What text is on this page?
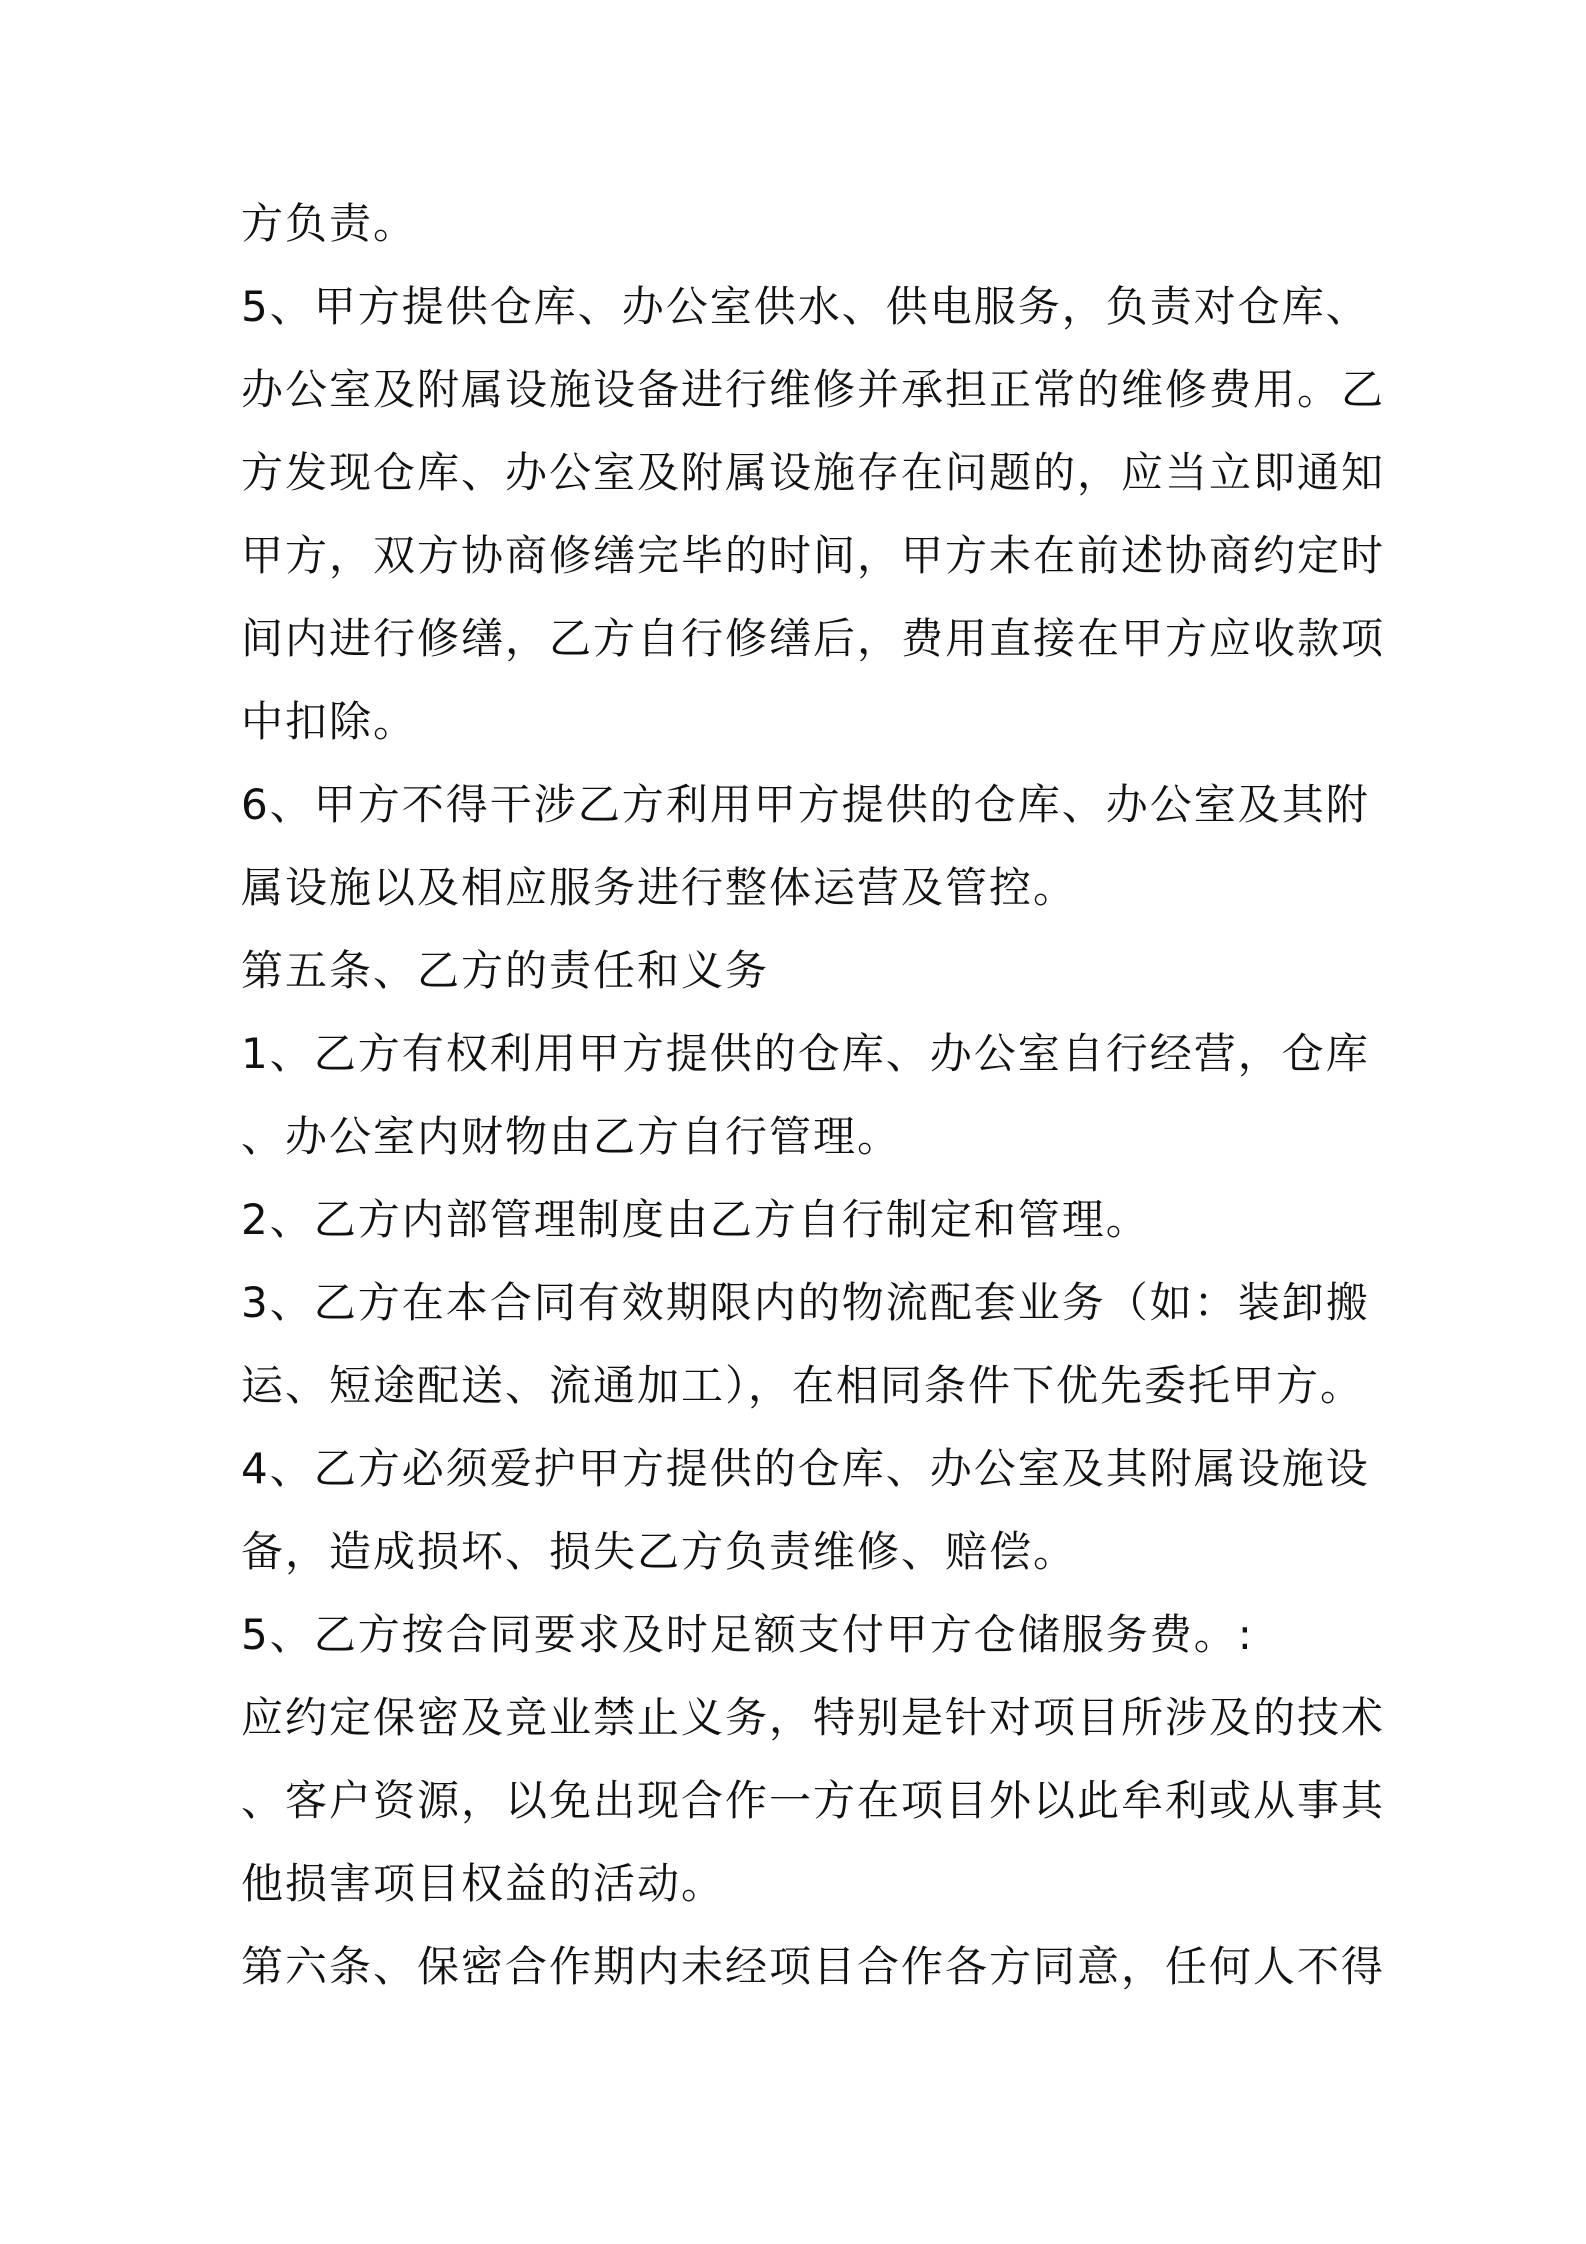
方负责。
5、甲方提供仓库、办公室供水、供电服务，负责对仓库、
办公室及附属设施设备进行维修并承担正常的维修费用。乙
方发现仓库、办公室及附属设施存在问题的，应当立即通知
甲方，双方协商修缮完毕的时间，甲方未在前述协商约定时
间内进行修缮，乙方自行修缮后，费用直接在甲方应收款项
中扣除。
6、甲方不得干涉乙方利用甲方提供的仓库、办公室及其附
属设施以及相应服务进行整体运营及管控。
第五条、乙方的责任和义务
1、乙方有权利用甲方提供的仓库、办公室自行经营，仓库
、办公室内财物由乙方自行管理。
2、乙方内部管理制度由乙方自行制定和管理。
3、乙方在本合同有效期限内的物流配套业务（如：装卸搬
运、短途配送、流通加工），在相同条件下优先委托甲方。
4、乙方必须爱护甲方提供的仓库、办公室及其附属设施设
备，造成损坏、损失乙方负责维修、赔偿。
5、乙方按合同要求及时足额支付甲方仓储服务费。:
应约定保密及竞业禁止义务，特别是针对项目所涉及的技术
、客户资源，以免出现合作一方在项目外以此牟利或从事其
他损害项目权益的活动。
第六条、保密合作期内未经项目合作各方同意，任何人不得
